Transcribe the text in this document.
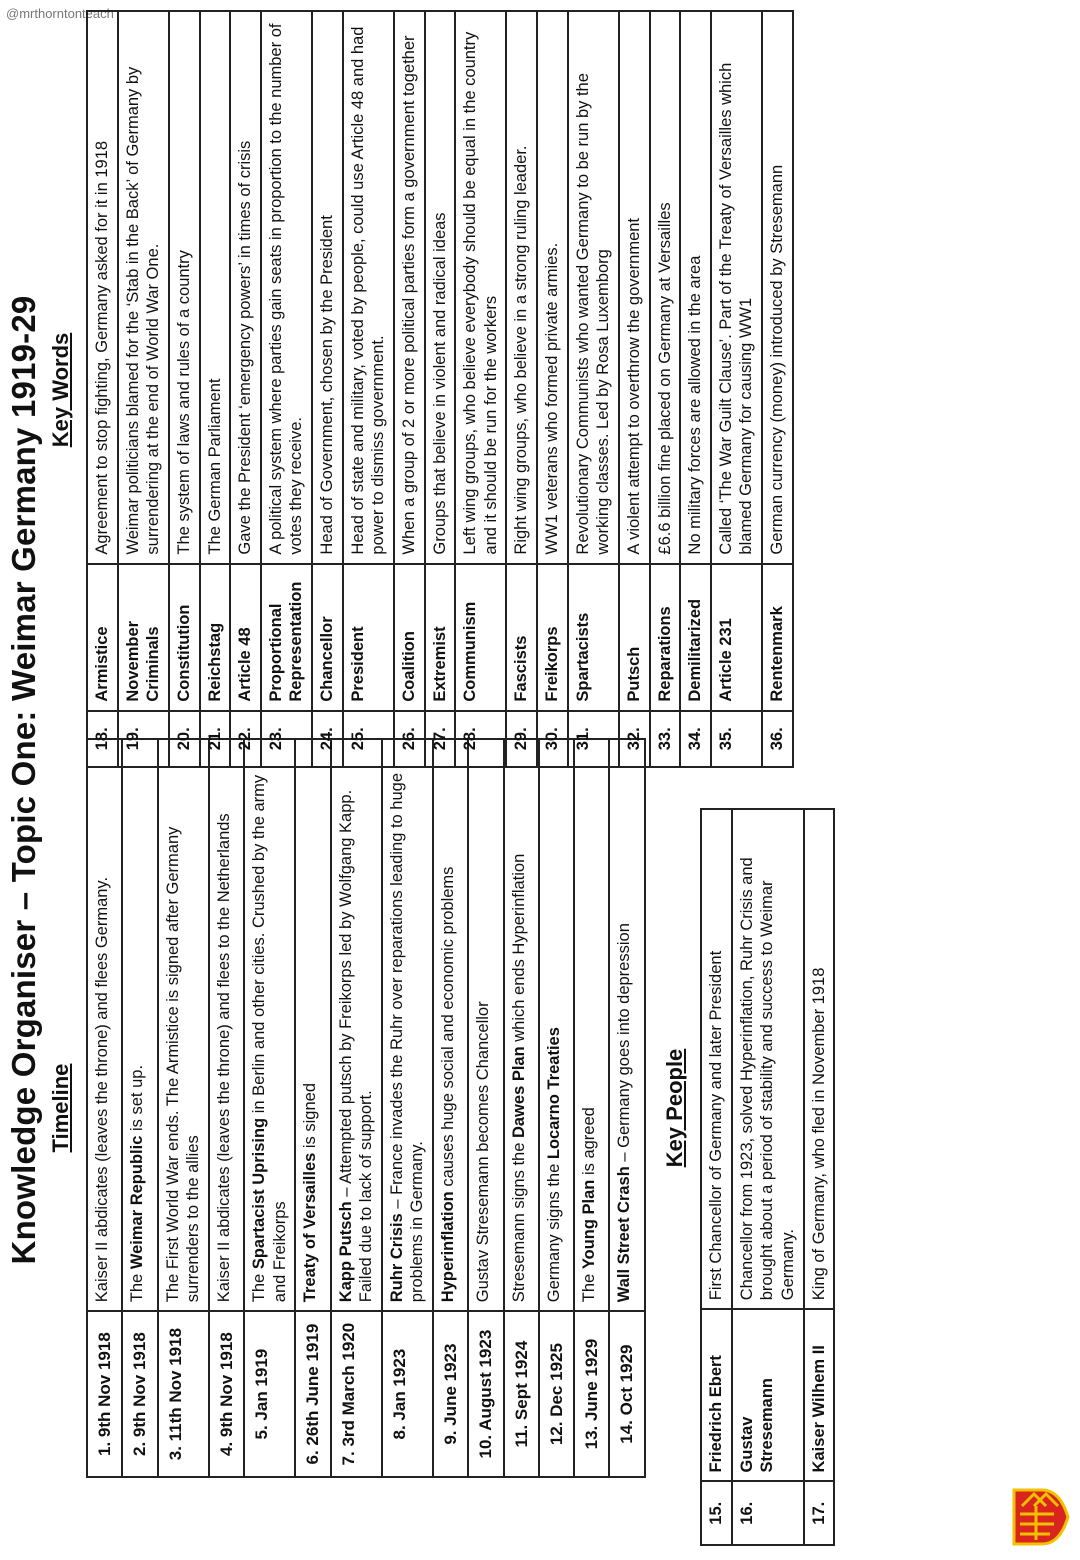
@mrthorntonteach
Knowledge Organiser – Topic One: Weimar Germany 1919-29 Timeline	Key People
Key Words
1. 9th Nov 1918	Kaiser II abdicates (leaves the throne) and flees Germany.
2. 9th Nov 1918	The Weimar Republic is set up.
3. 11th Nov 1918	The First World War ends. The Armistice is signed after Germany surrenders to the allies
4. 9th Nov 1918	Kaiser II abdicates (leaves the throne) and flees to the Netherlands
5. Jan 1919	The Spartacist Uprising in Berlin and other cities. Crushed by the army and Freikorps
6. 26th June 1919	Treaty of Versailles is signed
7. 3rd March 1920	Kapp Putsch – Attempted putsch by Freikorps led by Wolfgang Kapp. Failed due to lack of support.
8. Jan 1923	Ruhr Crisis – France invades the Ruhr over reparations leading to huge problems in Germany.
9. June 1923	Hyperinflation causes huge social and economic problems
10. August 1923	Gustav Stresemann becomes Chancellor
11. Sept 1924	Stresemann signs the Dawes Plan which ends Hyperinflation
12. Dec 1925	Germany signs the Locarno Treaties
13. June 1929	The Young Plan is agreed
14. Oct 1929	Wall Street Crash – Germany goes into depression
15.	Friedrich Ebert	First Chancellor of Germany and later President
16.	Gustav Stresemann	Chancellor from 1923, solved Hyperinflation, Ruhr Crisis and brought about a period of stability and success to Weimar Germany.
17.	Kaiser Wilhem II	King of Germany, who fled in November 1918
18.	Armistice	Agreement to stop fighting, Germany asked for it in 1918
19.	November Criminals	Weimar politicians blamed for the ‘Stab in the Back’ of Germany by surrendering at the end of World War One.
20.	Constitution	The system of laws and rules of a country
21.	Reichstag	The German Parliament
22.	Article 48	Gave the President ‘emergency powers’ in times of crisis
23.	Proportional Representation	A political system where parties gain seats in proportion to the number of votes they receive.
24.	Chancellor	Head of Government, chosen by the President
25.	President	Head of state and military, voted by people, could use Article 48 and had power to dismiss government.
26.	Coalition	When a group of 2 or more political parties form a government together
27.	Extremist	Groups that believe in violent and radical ideas
28.	Communism	Left wing groups, who believe everybody should be equal in the country and it should be run for the workers
29.	Fascists	Right wing groups, who believe in a strong ruling leader.
30.	Freikorps	WW1 veterans who formed private armies.
31.	Spartacists	Revolutionary Communists who wanted Germany to be run by the working classes. Led by Rosa Luxemborg
32.	Putsch	A violent attempt to overthrow the government
33.	Reparations	£6.6 billion fine placed on Germany at Versailles
34.	Demilitarized	No military forces are allowed in the area
35.	Article 231	Called ‘The War Guilt Clause’. Part of the Treaty of Versailles which blamed Germany for causing WW1
36.	Rentenmark	German currency (money) introduced by Stresemann
